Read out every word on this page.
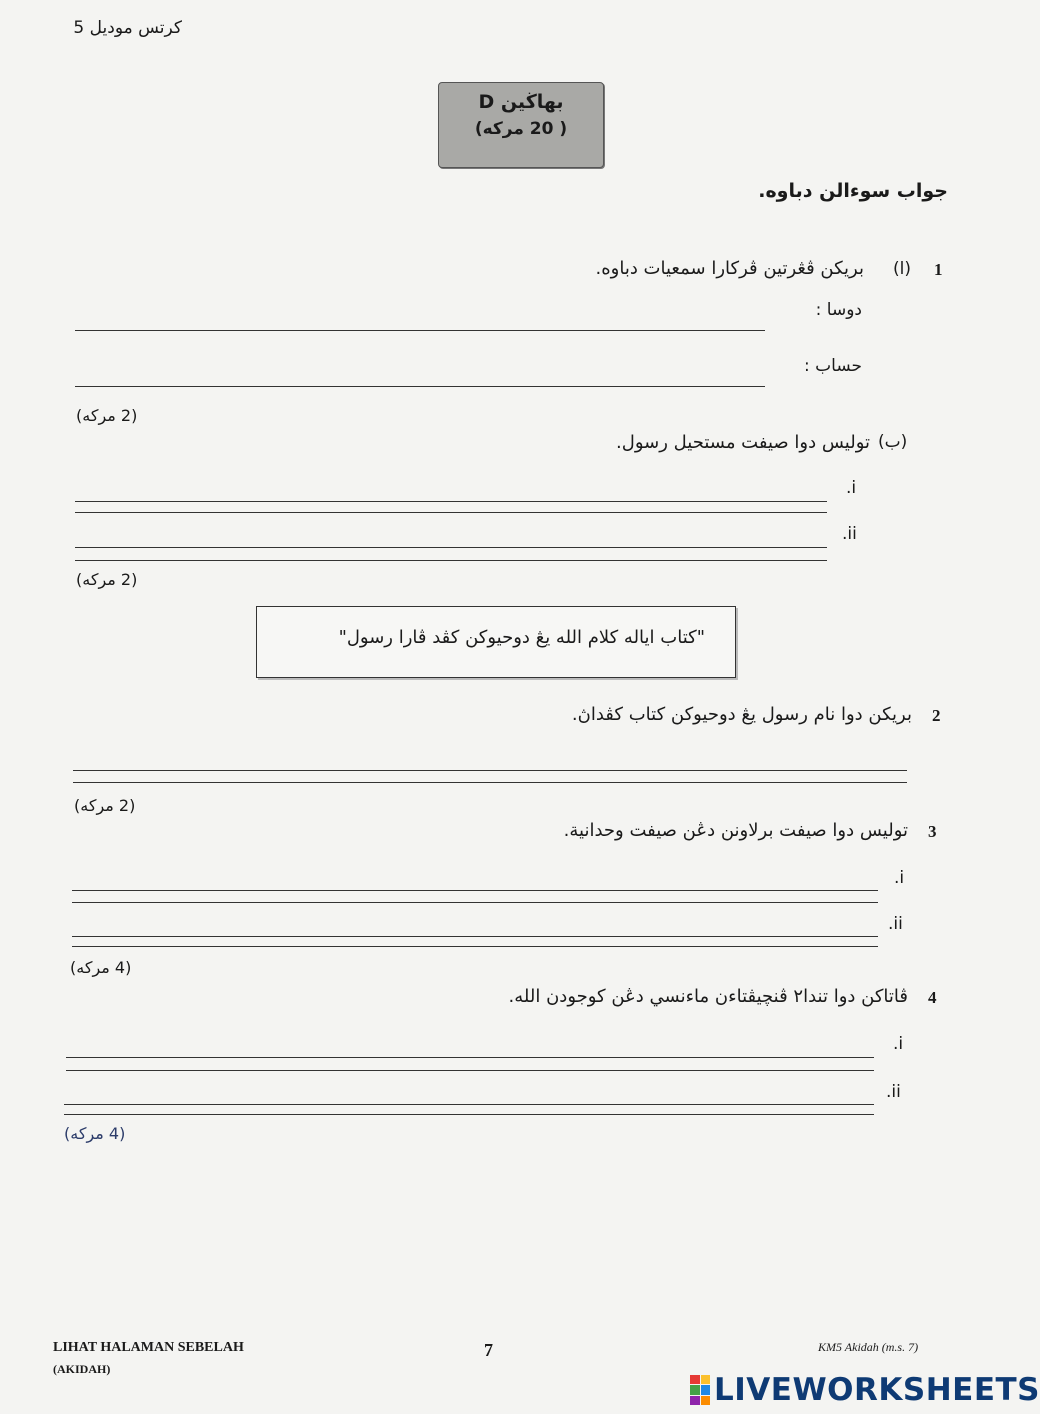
كرتس موديل 5
بهاڬين D
( 20 مركه)
جواب سوءالن دباوه.
1
(ا)
بريكن ڤڠرتين ڤركارا سمعيات دباوه.
دوسا :
حساب :
(2 مركه)
(ب)
توليس دوا صيفت مستحيل رسول.
.i
.ii
(2 مركه)
"كتاب اياله كلام الله يڠ دوحيوكن كڤد ڤارا رسول"
2
بريكن دوا نام رسول يڠ دوحيوكن كتاب كڤداڽ.
(2 مركه)
3
توليس دوا صيفت برلاونن دڠن صيفت وحدانية.
.i
.ii
(4 مركه)
4
ڤاتاكن دوا تندا٢ ڤنچيڤتاءن ماءنسي دڠن كوجودن الله.
.i
.ii
(4 مركه)
LIHAT HALAMAN SEBELAH
(AKIDAH)
7	KM5 Akidah (m.s. 7)
LIVEWORKSHEETS
